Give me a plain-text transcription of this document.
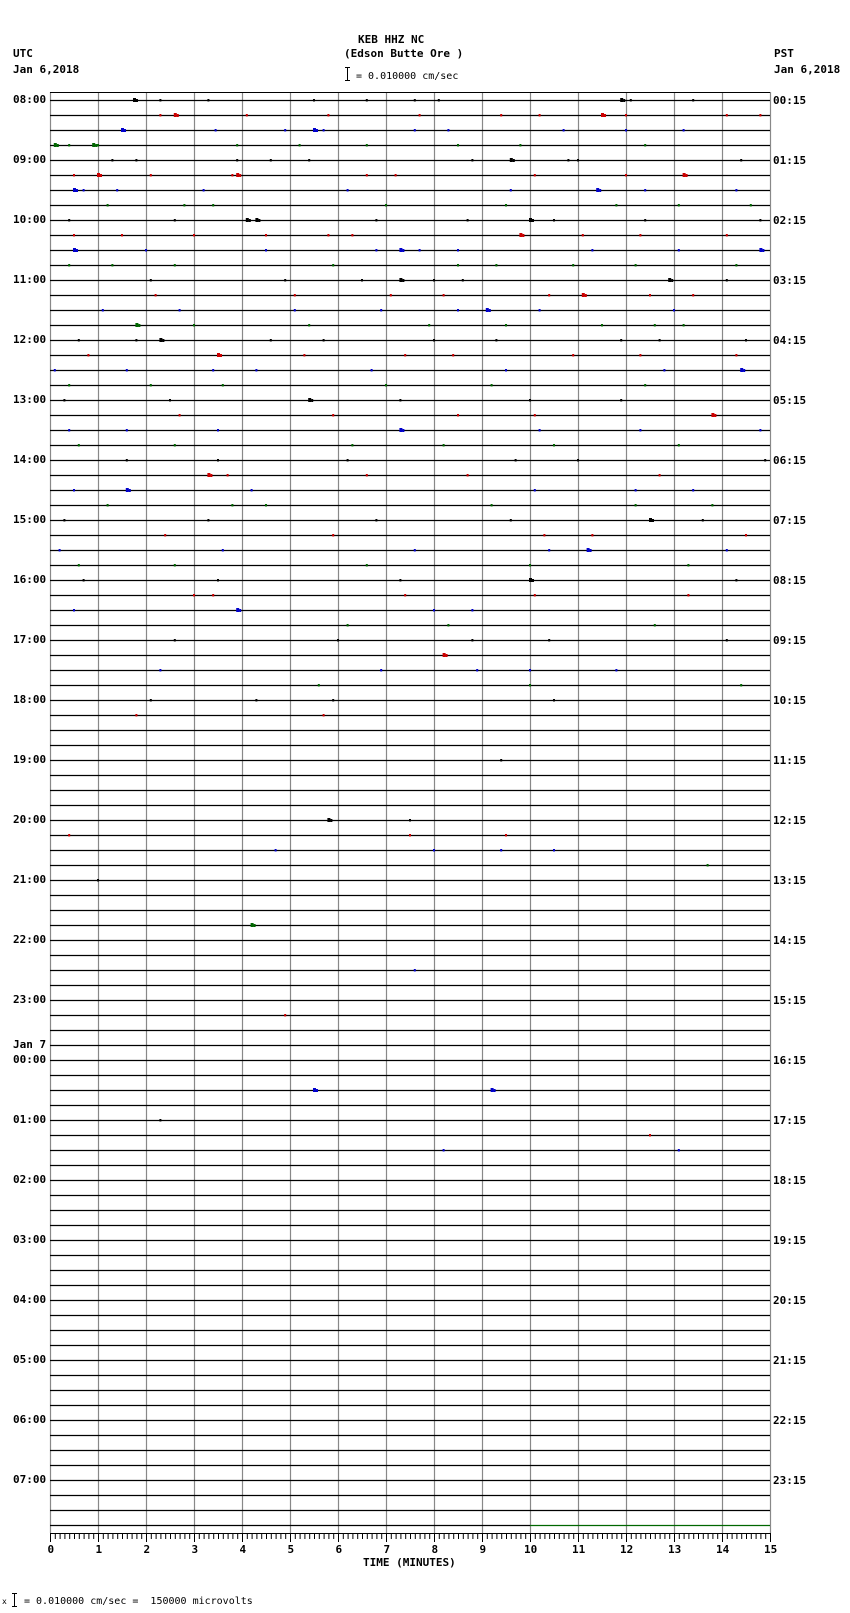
KEB HHZ NC
(Edson Butte Ore )
= 0.010000 cm/sec
UTC
Jan 6,2018
PST
Jan 6,2018
08:00
09:00
10:00
11:00
12:00
13:00
14:00
15:00
16:00
17:00
18:00
19:00
20:00
21:00
22:00
23:00
Jan 7
00:00
01:00
02:00
03:00
04:00
05:00
06:00
07:00
00:15
01:15
02:15
03:15
04:15
05:15
06:15
07:15
08:15
09:15
10:15
11:15
12:15
13:15
14:15
15:15
16:15
17:15
18:15
19:15
20:15
21:15
22:15
23:15
0	1	2	3	4	5	6	7	8	9	10	11	12	13	14	15
TIME (MINUTES)
x = 0.010000 cm/sec =  150000 microvolts
